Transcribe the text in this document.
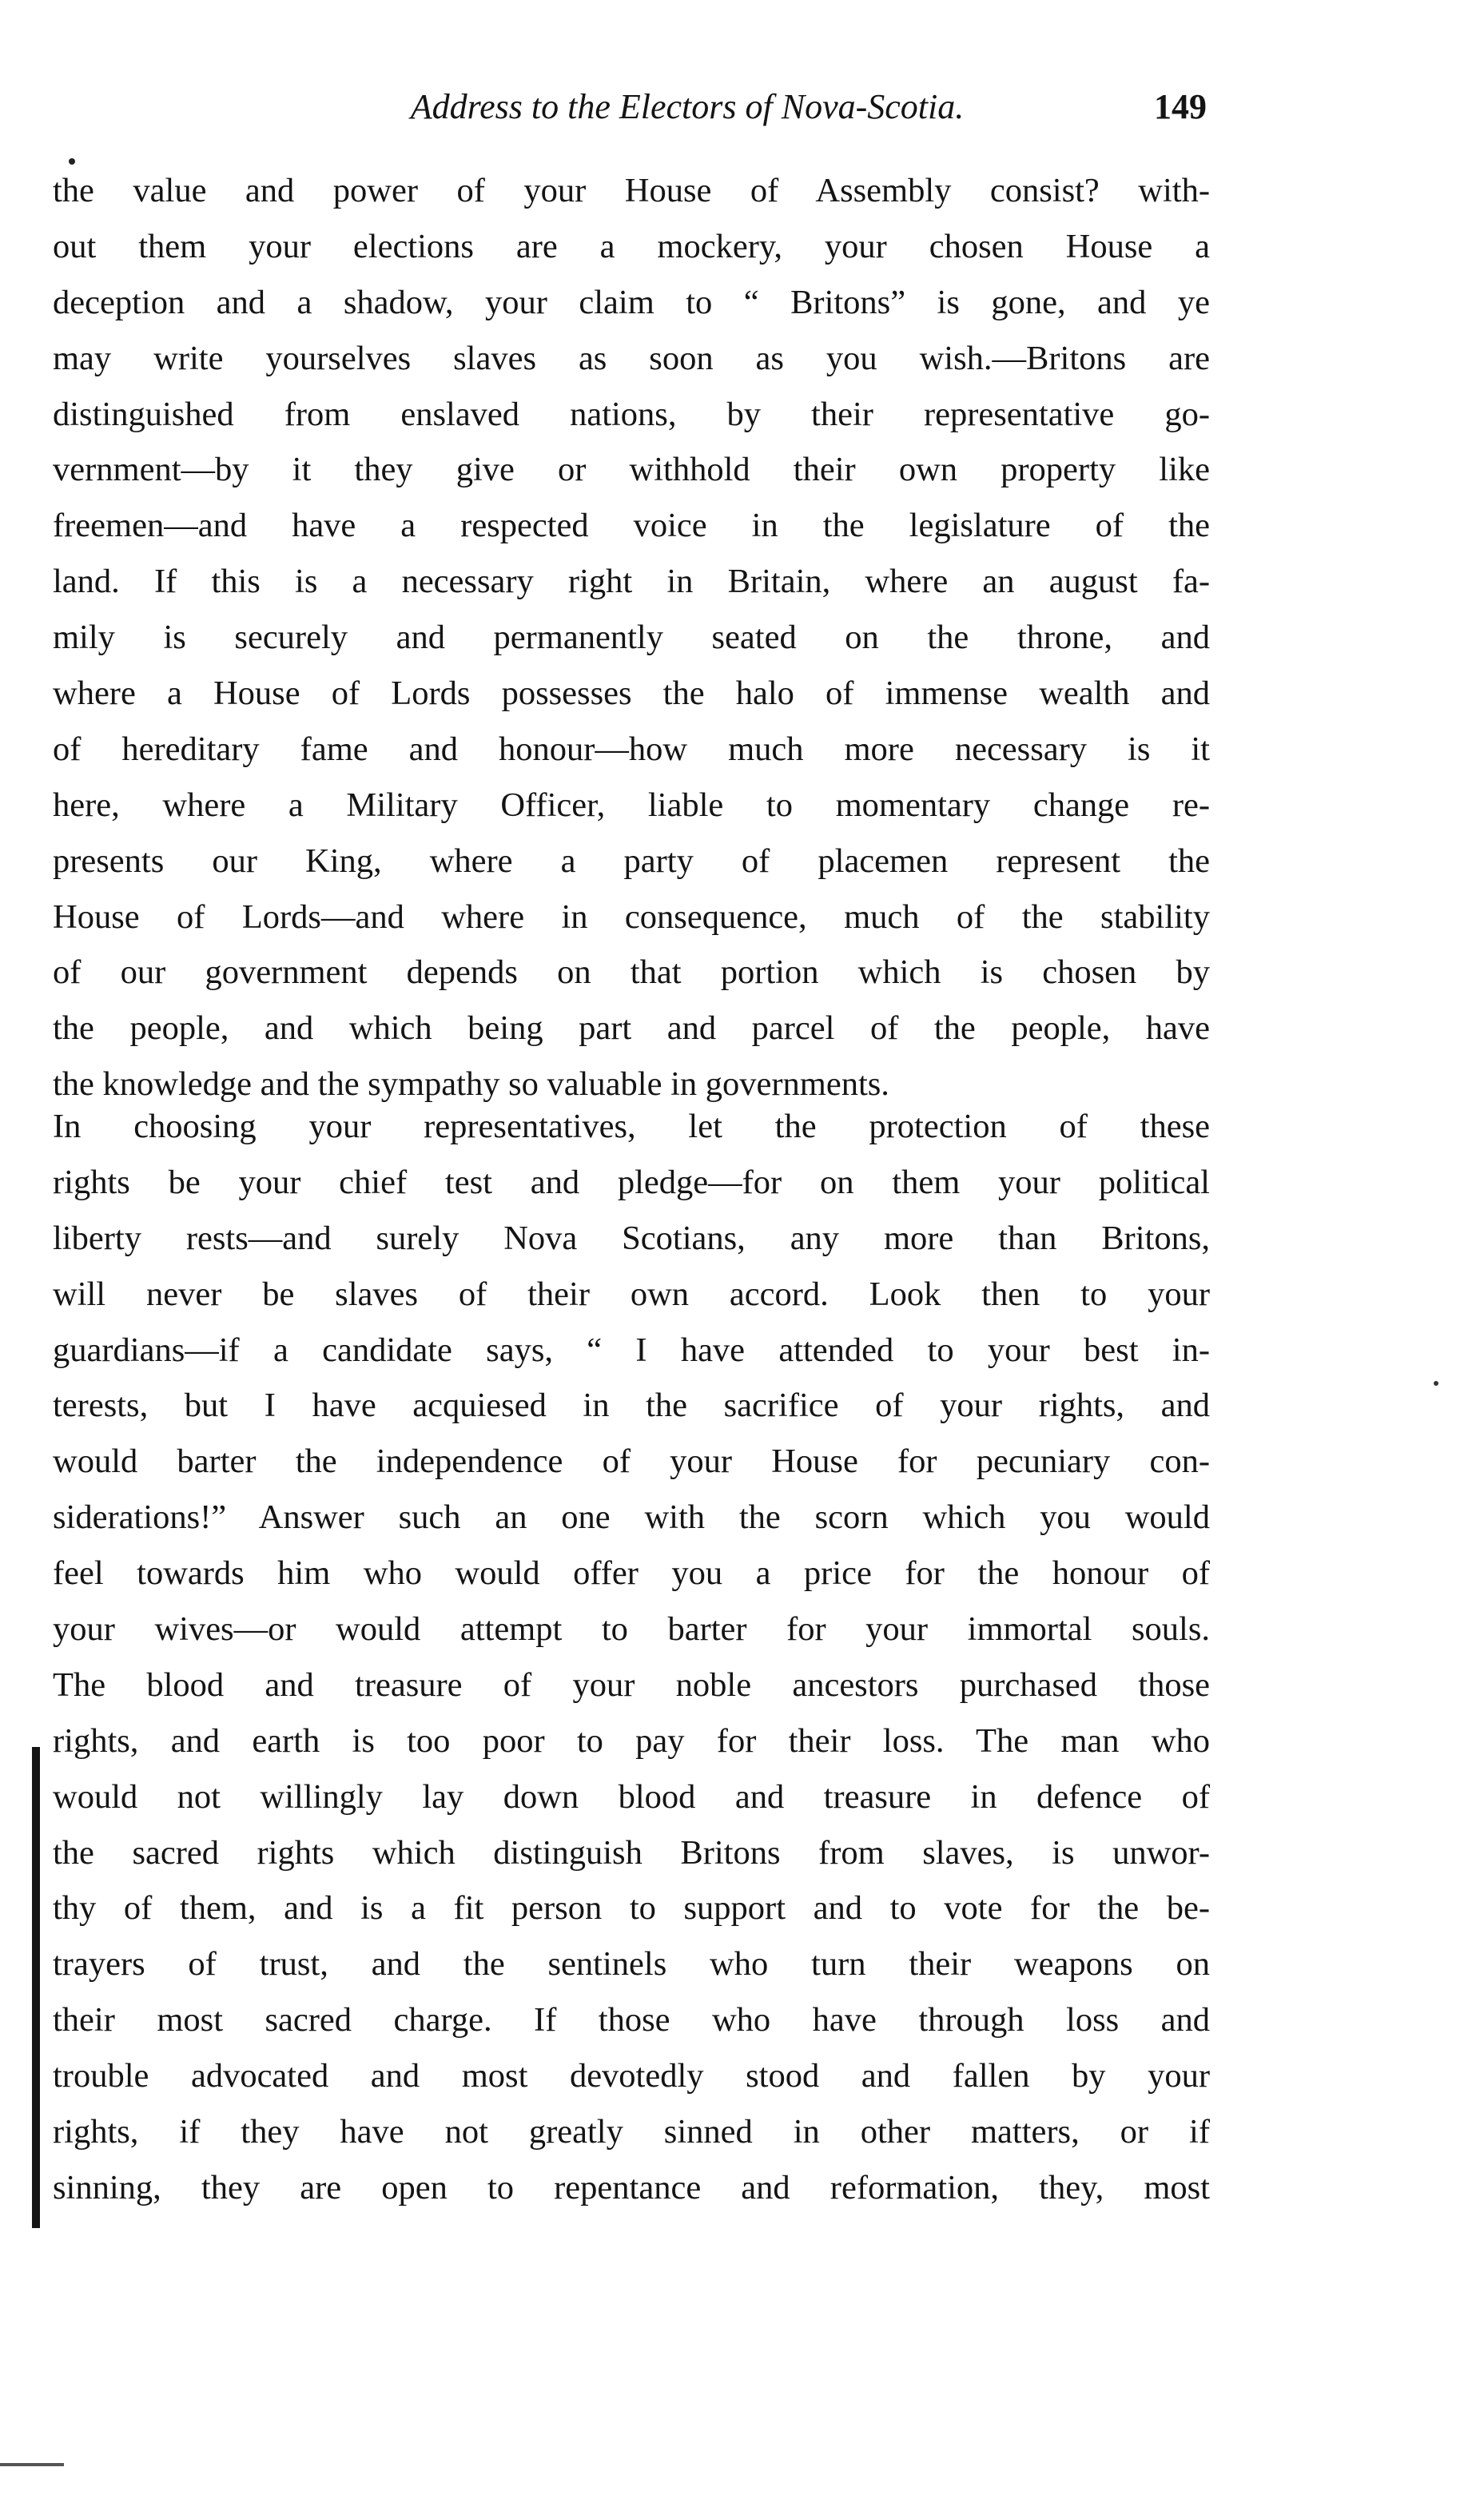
Address to the Electors of Nova-Scotia.	149

the value and power of your House of Assembly consist? with-
out them your elections are a mockery, your chosen House a
deception and a shadow, your claim to “ Britons” is gone, and ye
may write yourselves slaves as soon as you wish.—Britons are
distinguished from enslaved nations, by their representative go-
vernment—by it they give or withhold their own property like
freemen—and have a respected voice in the legislature of the
land. If this is a necessary right in Britain, where an august fa-
mily is securely and permanently seated on the throne, and
where a House of Lords possesses the halo of immense wealth and
of hereditary fame and honour—how much more necessary is it
here, where a Military Officer, liable to momentary change re-
presents our King, where a party of placemen represent the
House of Lords—and where in consequence, much of the stability
of our government depends on that portion which is chosen by
the people, and which being part and parcel of the people, have
the knowledge and the sympathy so valuable in governments.

In choosing your representatives, let the protection of these
rights be your chief test and pledge—for on them your political
liberty rests—and surely Nova Scotians, any more than Britons,
will never be slaves of their own accord. Look then to your
guardians—if a candidate says, “ I have attended to your best in-
terests, but I have acquiesed in the sacrifice of your rights, and
would barter the independence of your House for pecuniary con-
siderations!” Answer such an one with the scorn which you would
feel towards him who would offer you a price for the honour of
your wives—or would attempt to barter for your immortal souls.
The blood and treasure of your noble ancestors purchased those
rights, and earth is too poor to pay for their loss. The man who
would not willingly lay down blood and treasure in defence of
the sacred rights which distinguish Britons from slaves, is unwor-
thy of them, and is a fit person to support and to vote for the be-
trayers of trust, and the sentinels who turn their weapons on
their most sacred charge. If those who have through loss and
trouble advocated and most devotedly stood and fallen by your
rights, if they have not greatly sinned in other matters, or if
sinning, they are open to repentance and reformation, they, most
